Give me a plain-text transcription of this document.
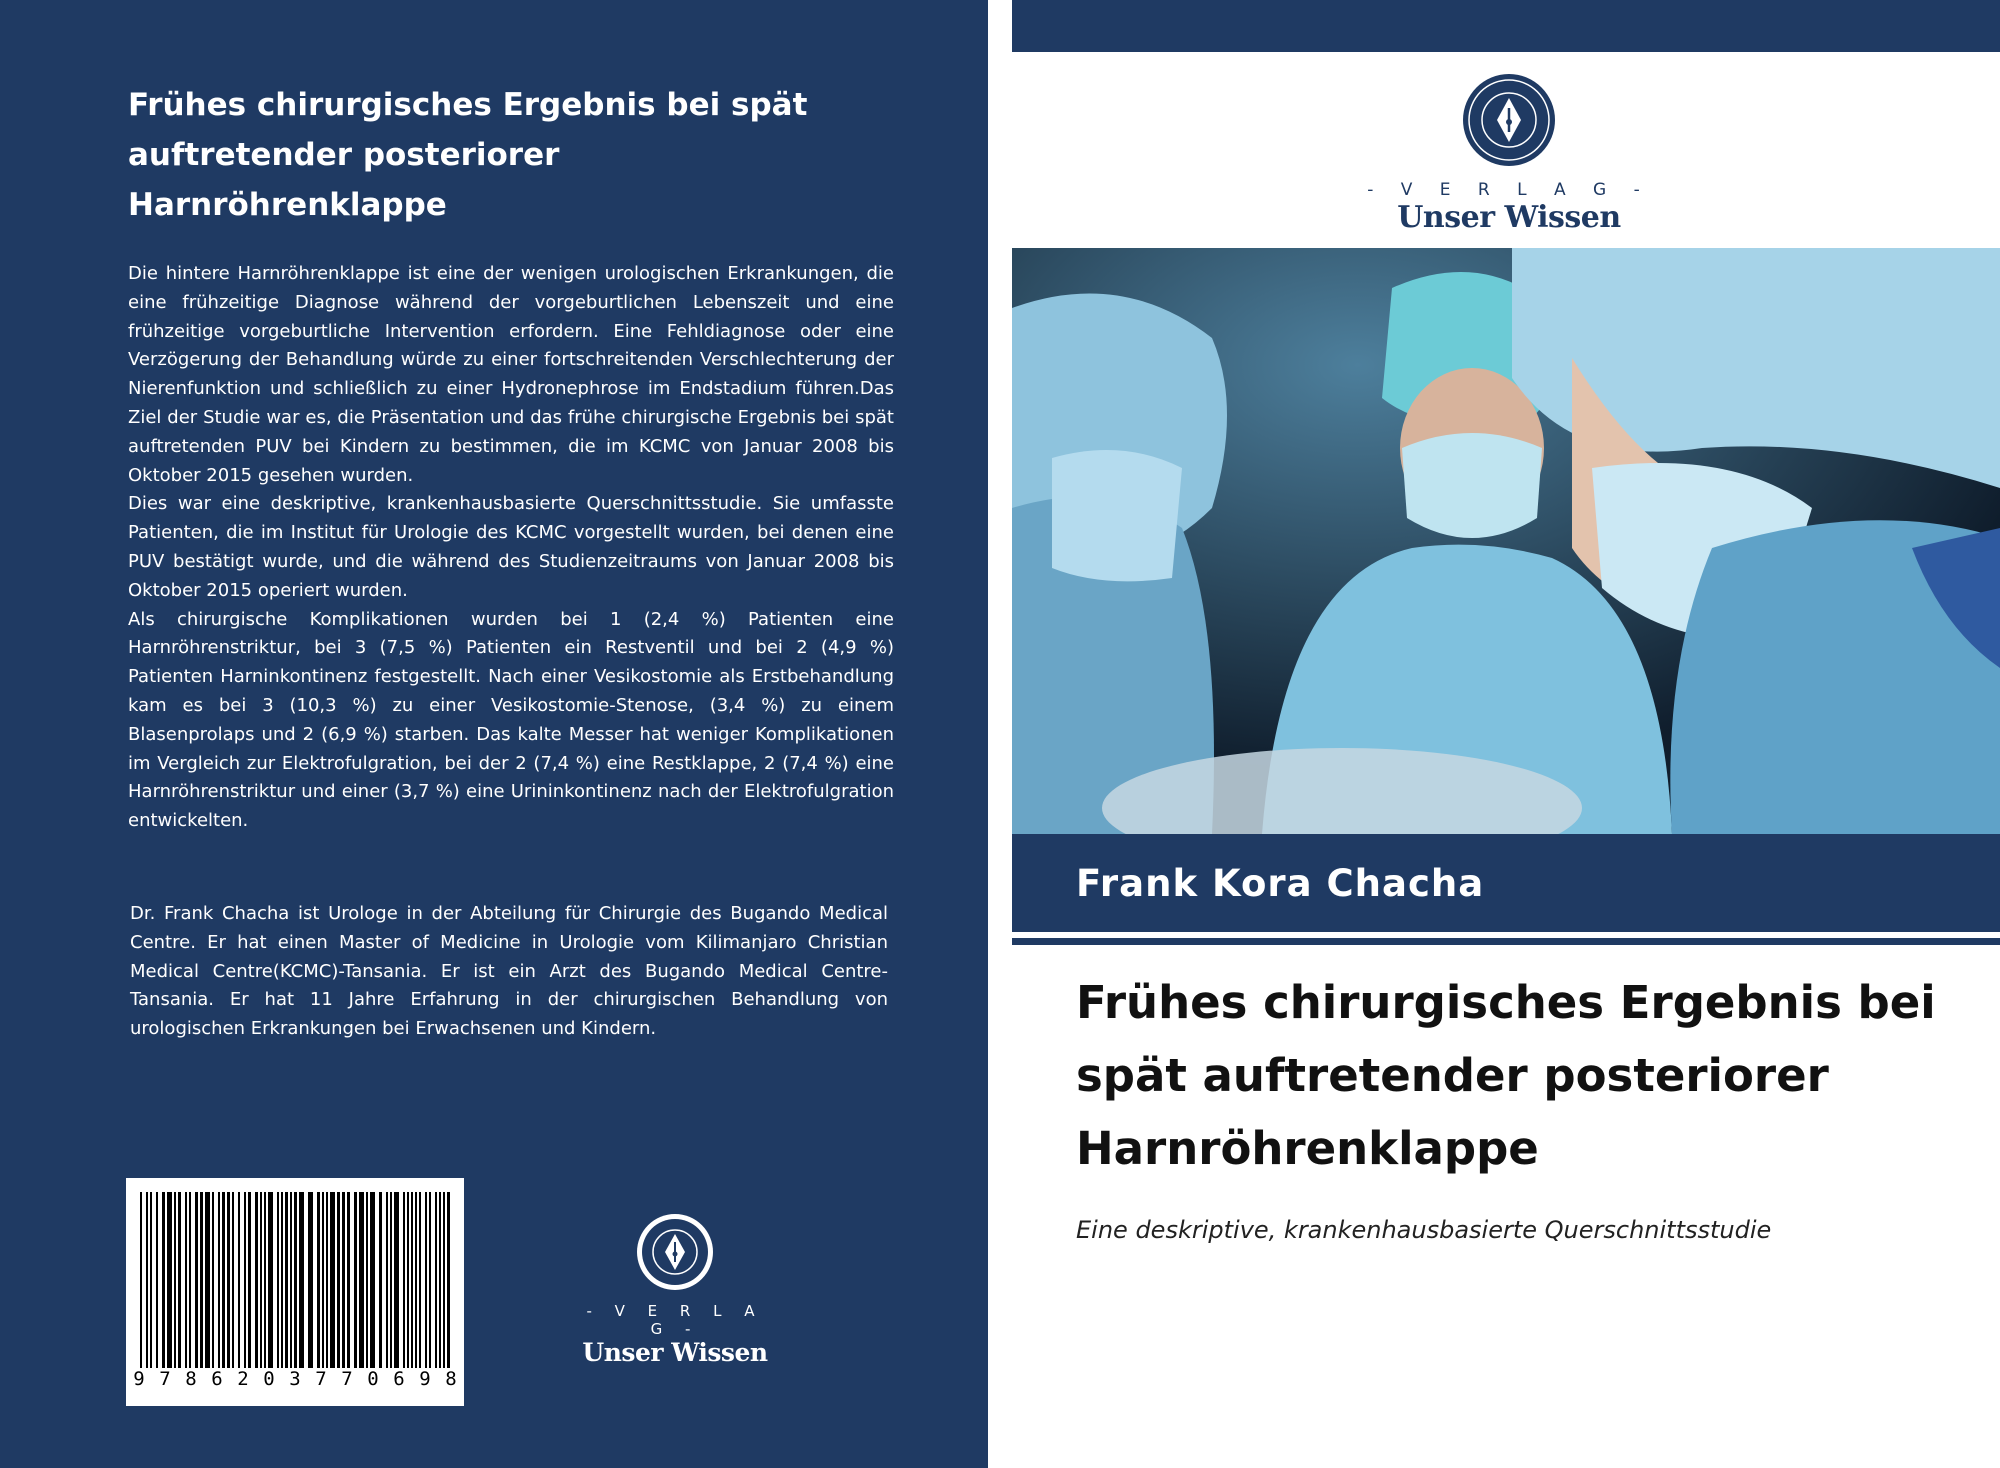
Frühes chirurgisches Ergebnis bei spät auftretender posteriorer Harnröhrenklappe

Die hintere Harnröhrenklappe ist eine der wenigen urologischen Erkrankungen, die eine frühzeitige Diagnose während der vorgeburtlichen Lebenszeit und eine frühzeitige vorgeburtliche Intervention erfordern. Eine Fehldiagnose oder eine Verzögerung der Behandlung würde zu einer fortschreitenden Verschlechterung der Nierenfunktion und schließlich zu einer Hydronephrose im Endstadium führen.Das Ziel der Studie war es, die Präsentation und das frühe chirurgische Ergebnis bei spät auftretenden PUV bei Kindern zu bestimmen, die im KCMC von Januar 2008 bis Oktober 2015 gesehen wurden.

Dies war eine deskriptive, krankenhausbasierte Querschnittsstudie. Sie umfasste Patienten, die im Institut für Urologie des KCMC vorgestellt wurden, bei denen eine PUV bestätigt wurde, und die während des Studienzeitraums von Januar 2008 bis Oktober 2015 operiert wurden.

Als chirurgische Komplikationen wurden bei 1 (2,4 %) Patienten eine Harnröhrenstriktur, bei 3 (7,5 %) Patienten ein Restventil und bei 2 (4,9 %) Patienten Harninkontinenz festgestellt. Nach einer Vesikostomie als Erstbehandlung kam es bei 3 (10,3 %) zu einer Vesikostomie-Stenose, (3,4 %) zu einem Blasenprolaps und 2 (6,9 %) starben. Das kalte Messer hat weniger Komplikationen im Vergleich zur Elektrofulgration, bei der 2 (7,4 %) eine Restklappe, 2 (7,4 %) eine Harnröhrenstriktur und einer (3,7 %) eine Urininkontinenz nach der Elektrofulgration entwickelten.

Dr. Frank Chacha ist Urologe in der Abteilung für Chirurgie des Bugando Medical Centre. Er hat einen Master of Medicine in Urologie vom Kilimanjaro Christian Medical Centre(KCMC)-Tansania. Er ist ein Arzt des Bugando Medical Centre- Tansania. Er hat 11 Jahre Erfahrung in der chirurgischen Behandlung von urologischen Erkrankungen bei Erwachsenen und Kindern.

9 7 8 6 2 0 3 7 7 0 6 9 8
- V E R L A G -
Unser Wissen
- V E R L A G -
Unser Wissen
Frank Kora Chacha
Frühes chirurgisches Ergebnis bei spät auftretender posteriorer Harnröhrenklappe

Eine deskriptive, krankenhausbasierte Querschnittsstudie
